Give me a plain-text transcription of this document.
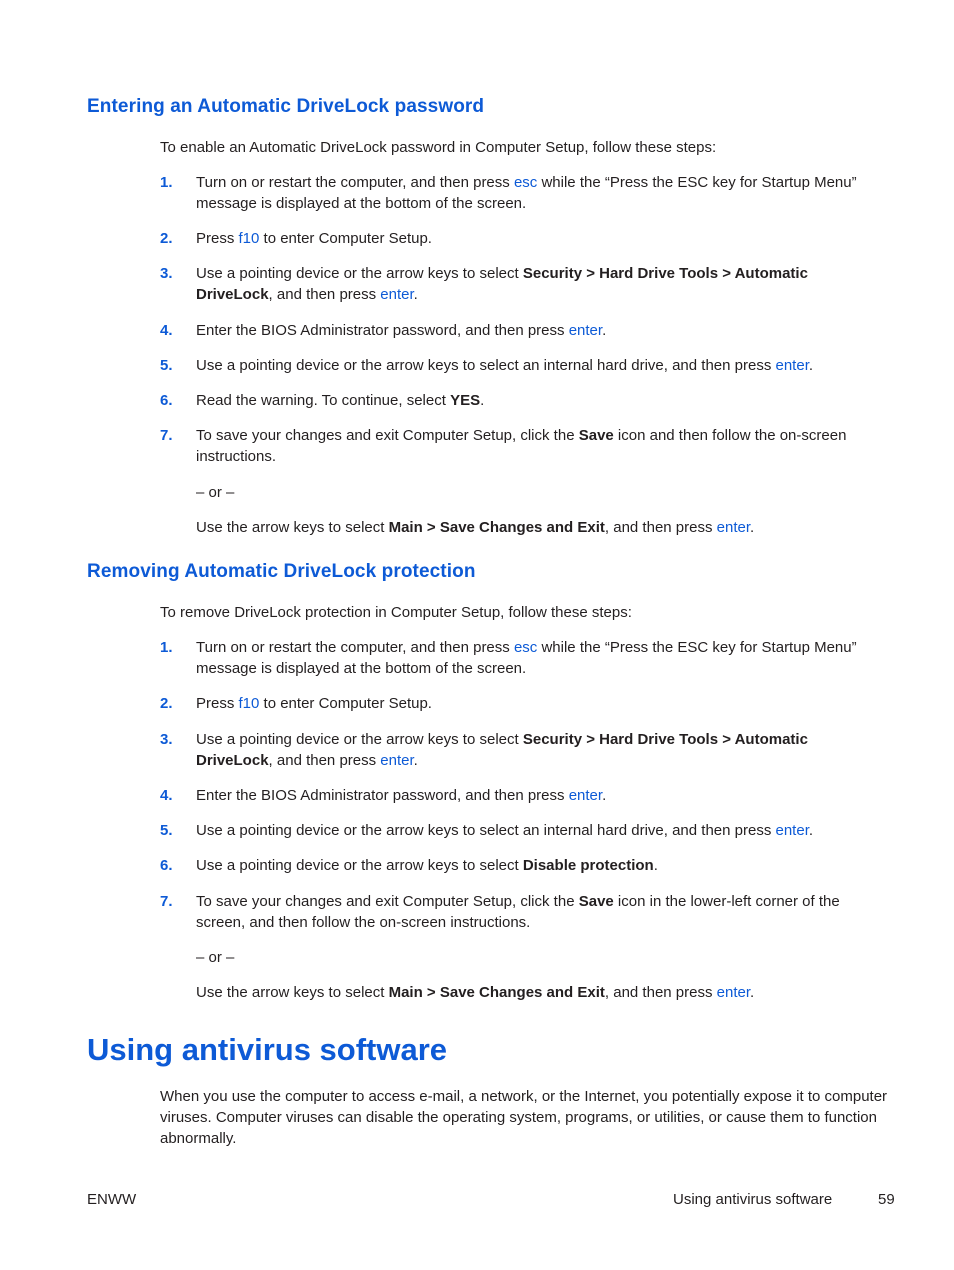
Entering an Automatic DriveLock password

To enable an Automatic DriveLock password in Computer Setup, follow these steps:

1.	Turn on or restart the computer, and then press esc while the “Press the ESC key for Startup Menu” message is displayed at the bottom of the screen.
2.	Press f10 to enter Computer Setup.
3.	Use a pointing device or the arrow keys to select Security > Hard Drive Tools > Automatic DriveLock, and then press enter.
4.	Enter the BIOS Administrator password, and then press enter.
5.	Use a pointing device or the arrow keys to select an internal hard drive, and then press enter.
6.	Read the warning. To continue, select YES.
7.	To save your changes and exit Computer Setup, click the Save icon and then follow the on-screen instructions.
– or –
Use the arrow keys to select Main > Save Changes and Exit, and then press enter.
Removing Automatic DriveLock protection

To remove DriveLock protection in Computer Setup, follow these steps:

1.	Turn on or restart the computer, and then press esc while the “Press the ESC key for Startup Menu” message is displayed at the bottom of the screen.
2.	Press f10 to enter Computer Setup.
3.	Use a pointing device or the arrow keys to select Security > Hard Drive Tools > Automatic DriveLock, and then press enter.
4.	Enter the BIOS Administrator password, and then press enter.
5.	Use a pointing device or the arrow keys to select an internal hard drive, and then press enter.
6.	Use a pointing device or the arrow keys to select Disable protection.
7.	To save your changes and exit Computer Setup, click the Save icon in the lower-left corner of the screen, and then follow the on-screen instructions.
– or –
Use the arrow keys to select Main > Save Changes and Exit, and then press enter.
Using antivirus software

When you use the computer to access e-mail, a network, or the Internet, you potentially expose it to computer viruses. Computer viruses can disable the operating system, programs, or utilities, or cause them to function abnormally.

ENWW	Using antivirus software	59
